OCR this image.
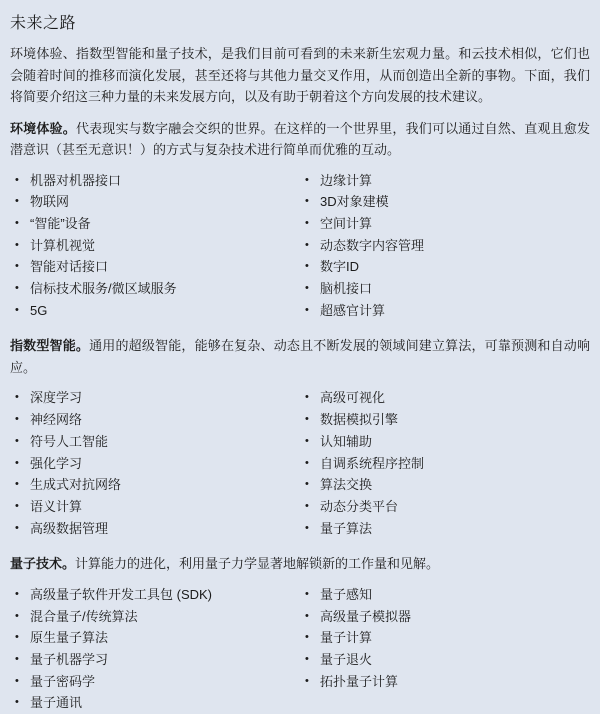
未来之路

环境体验、指数型智能和量子技术，是我们目前可看到的未来新生宏观力量。和云技术相似，它们也会随着时间的推移而演化发展，甚至还将与其他力量交叉作用，从而创造出全新的事物。下面，我们将简要介绍这三种力量的未来发展方向，以及有助于朝着这个方向发展的技术建议。

环境体验。代表现实与数字融会交织的世界。在这样的一个世界里，我们可以通过自然、直观且愈发潜意识（甚至无意识！）的方式与复杂技术进行简单而优雅的互动。

• 机器对机器接口
• 物联网
• “智能”设备
• 计算机视觉
• 智能对话接口
• 信标技术服务/微区域服务
• 5G
• 边缘计算
• 3D对象建模
• 空间计算
• 动态数字内容管理
• 数字ID
• 脑机接口
• 超感官计算

指数型智能。通用的超级智能，能够在复杂、动态且不断发展的领域间建立算法，可靠预测和自动响应。

• 深度学习
• 神经网络
• 符号人工智能
• 强化学习
• 生成式对抗网络
• 语义计算
• 高级数据管理
• 高级可视化
• 数据模拟引擎
• 认知辅助
• 自调系统程序控制
• 算法交换
• 动态分类平台
• 量子算法

量子技术。计算能力的进化，利用量子力学显著地解锁新的工作量和见解。

• 高级量子软件开发工具包 (SDK)
• 混合量子/传统算法
• 原生量子算法
• 量子机器学习
• 量子密码学
• 量子通讯
• 量子感知
• 高级量子模拟器
• 量子计算
• 量子退火
• 拓扑量子计算
